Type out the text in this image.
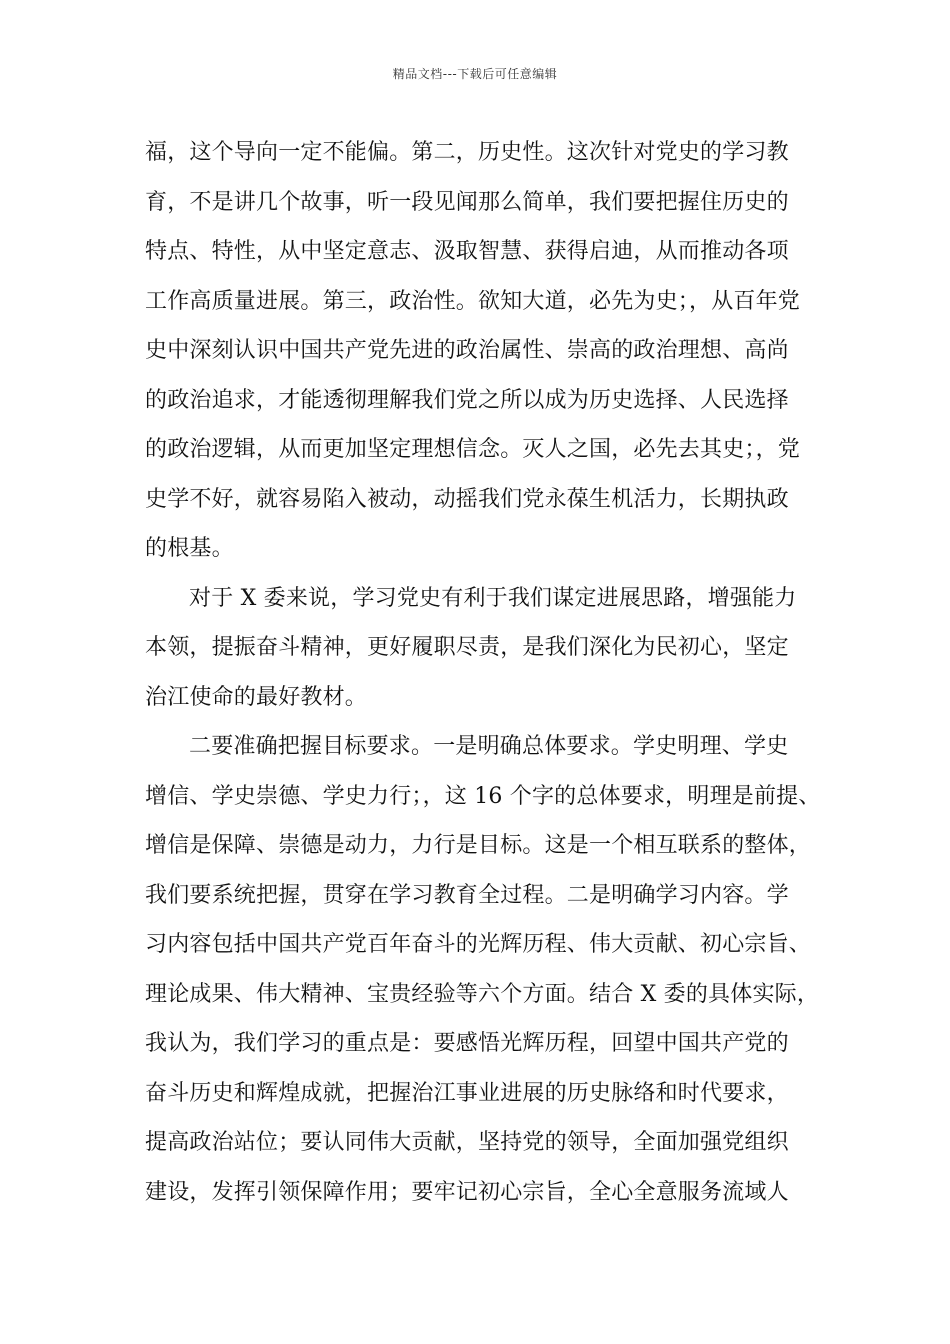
精品文档---下载后可任意编辑
福，这个导向一定不能偏。第二，历史性。这次针对党史的学习教
育，不是讲几个故事，听一段见闻那么简单，我们要把握住历史的
特点、特性，从中坚定意志、汲取智慧、获得启迪，从而推动各项
工作高质量进展。第三，政治性。欲知大道，必先为史；，从百年党
史中深刻认识中国共产党先进的政治属性、崇高的政治理想、高尚
的政治追求，才能透彻理解我们党之所以成为历史选择、人民选择
的政治逻辑，从而更加坚定理想信念。灭人之国，必先去其史；，党
史学不好，就容易陷入被动，动摇我们党永葆生机活力，长期执政
的根基。
对于 X 委来说，学习党史有利于我们谋定进展思路，增强能力
本领，提振奋斗精神，更好履职尽责，是我们深化为民初心，坚定
治江使命的最好教材。
二要准确把握目标要求。一是明确总体要求。学史明理、学史
增信、学史崇德、学史力行；，这 16 个字的总体要求，明理是前提、
增信是保障、崇德是动力，力行是目标。这是一个相互联系的整体，
我们要系统把握，贯穿在学习教育全过程。二是明确学习内容。学
习内容包括中国共产党百年奋斗的光辉历程、伟大贡献、初心宗旨、
理论成果、伟大精神、宝贵经验等六个方面。结合 X 委的具体实际，
我认为，我们学习的重点是：要感悟光辉历程，回望中国共产党的
奋斗历史和辉煌成就，把握治江事业进展的历史脉络和时代要求，
提高政治站位；要认同伟大贡献，坚持党的领导，全面加强党组织
建设，发挥引领保障作用；要牢记初心宗旨，全心全意服务流域人
